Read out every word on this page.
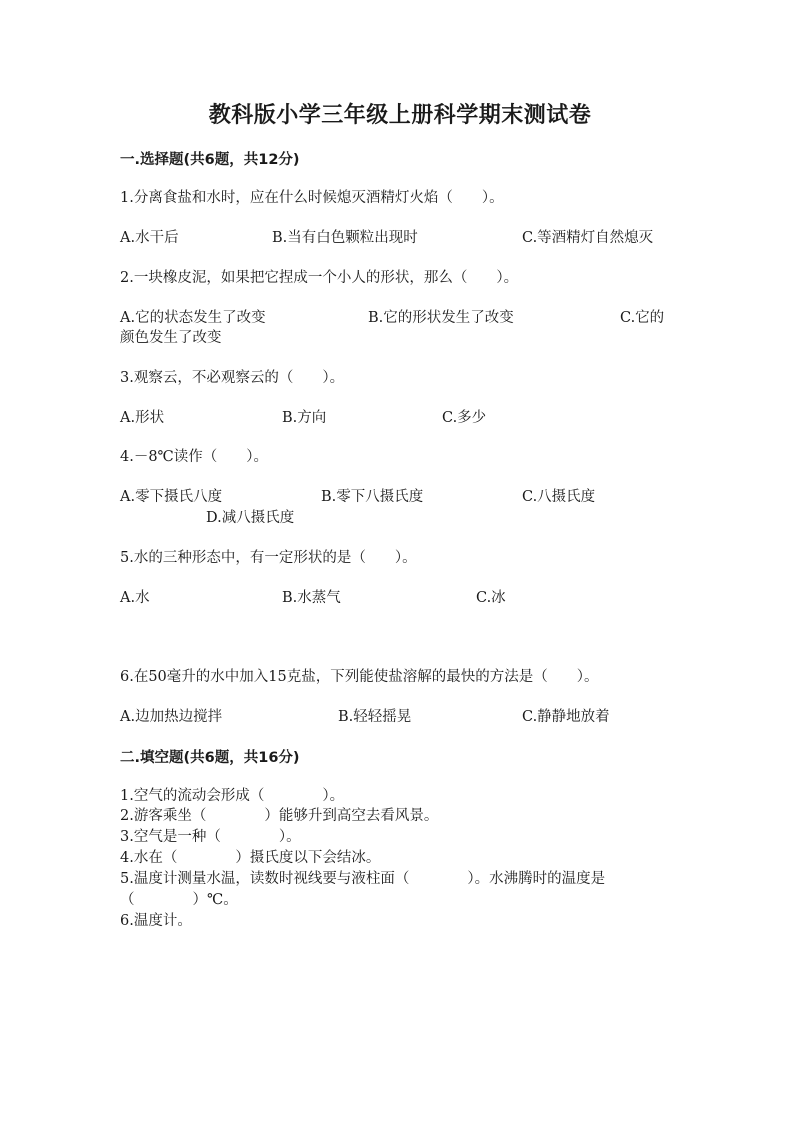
教科版小学三年级上册科学期末测试卷
一.选择题(共6题，共12分)
1.分离食盐和水时，应在什么时候熄灭酒精灯火焰（　　）。
A.水干后	B.当有白色颗粒出现时	C.等酒精灯自然熄灭
2.一块橡皮泥，如果把它捏成一个小人的形状，那么（　　）。
A.它的状态发生了改变	B.它的形状发生了改变	C.它的
颜色发生了改变
3.观察云，不必观察云的（　　）。
A.形状	B.方向	C.多少
4.－8℃读作（　　）。
A.零下摄氏八度	B.零下八摄氏度	C.八摄氏度
D.减八摄氏度
5.水的三种形态中，有一定形状的是（　　）。
A.水	B.水蒸气	C.冰
6.在50毫升的水中加入15克盐，下列能使盐溶解的最快的方法是（　　）。
A.边加热边搅拌	B.轻轻摇晃	C.静静地放着
二.填空题(共6题，共16分)
1.空气的流动会形成（　　　　）。
2.游客乘坐（　　　　）能够升到高空去看风景。
3.空气是一种（　　　　）。
4.水在（　　　　）摄氏度以下会结冰。
5.温度计测量水温，读数时视线要与液柱面（　　　　）。水沸腾时的温度是
（　　　　）℃。
6.温度计。
